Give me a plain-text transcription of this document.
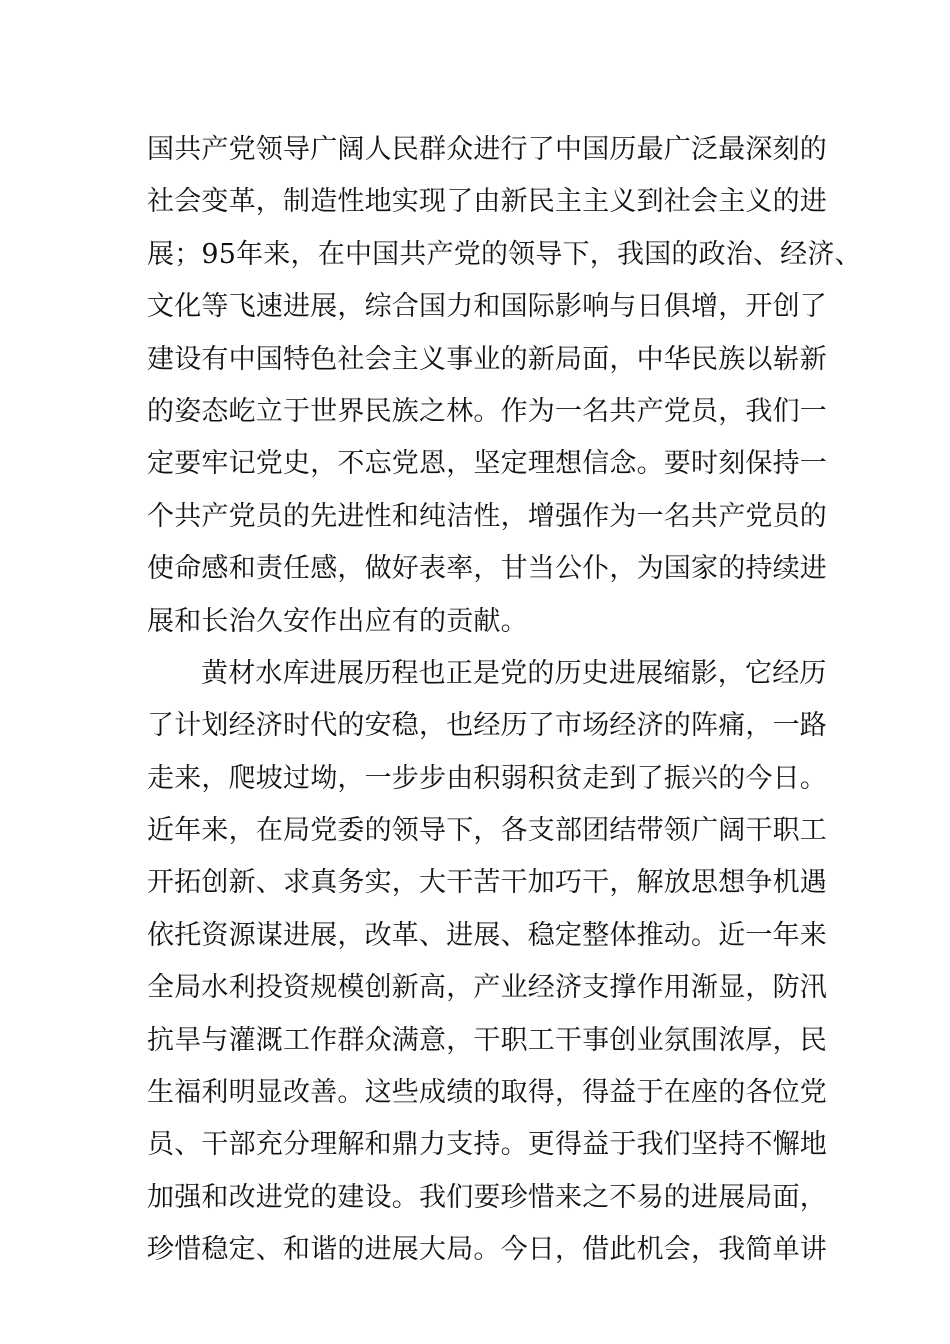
国共产党领导广阔人民群众进行了中国历最广泛最深刻的
社会变革，制造性地实现了由新民主主义到社会主义的进
展；95年来，在中国共产党的领导下，我国的政治、经济、
文化等飞速进展，综合国力和国际影响与日俱增，开创了
建设有中国特色社会主义事业的新局面，中华民族以崭新
的姿态屹立于世界民族之林。作为一名共产党员，我们一
定要牢记党史，不忘党恩，坚定理想信念。要时刻保持一
个共产党员的先进性和纯洁性，增强作为一名共产党员的
使命感和责任感，做好表率，甘当公仆，为国家的持续进
展和长治久安作出应有的贡献。
黄材水库进展历程也正是党的历史进展缩影，它经历
了计划经济时代的安稳，也经历了市场经济的阵痛，一路
走来，爬坡过坳，一步步由积弱积贫走到了振兴的今日。
近年来，在局党委的领导下，各支部团结带领广阔干职工
开拓创新、求真务实，大干苦干加巧干，解放思想争机遇
依托资源谋进展，改革、进展、稳定整体推动。近一年来
全局水利投资规模创新高，产业经济支撑作用渐显，防汛
抗旱与灌溉工作群众满意，干职工干事创业氛围浓厚，民
生福利明显改善。这些成绩的取得，得益于在座的各位党
员、干部充分理解和鼎力支持。更得益于我们坚持不懈地
加强和改进党的建设。我们要珍惜来之不易的进展局面，
珍惜稳定、和谐的进展大局。今日，借此机会，我简单讲
